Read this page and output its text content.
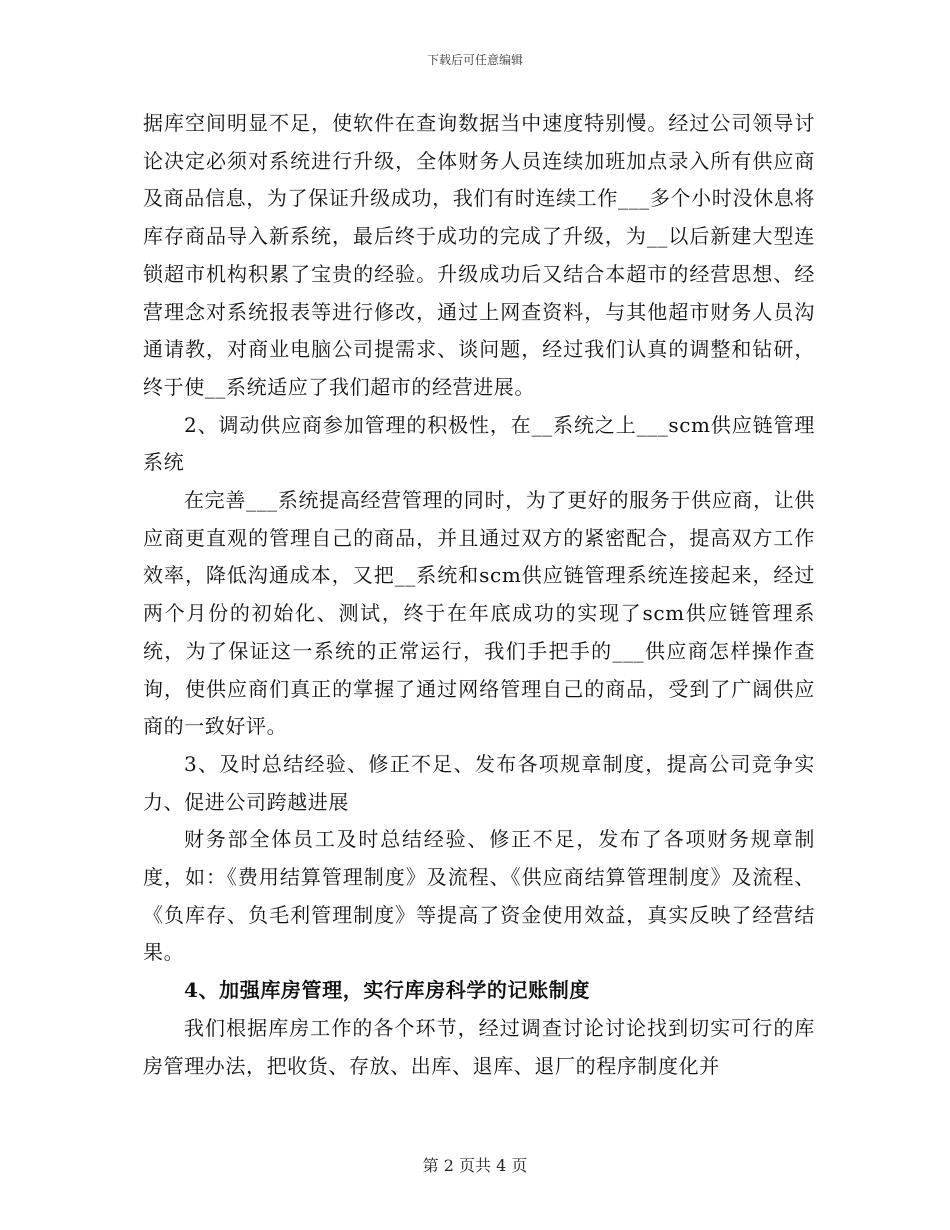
下载后可任意编辑

据库空间明显不足，使软件在查询数据当中速度特别慢。经过公司领导讨论决定必须对系统进行升级，全体财务人员连续加班加点录入所有供应商及商品信息，为了保证升级成功，我们有时连续工作___多个小时没休息将库存商品导入新系统，最后终于成功的完成了升级，为__以后新建大型连锁超市机构积累了宝贵的经验。升级成功后又结合本超市的经营思想、经营理念对系统报表等进行修改，通过上网查资料，与其他超市财务人员沟通请教，对商业电脑公司提需求、谈问题，经过我们认真的调整和钻研，终于使__系统适应了我们超市的经营进展。

2、调动供应商参加管理的积极性，在__系统之上___scm供应链管理系统

在完善___系统提高经营管理的同时，为了更好的服务于供应商，让供应商更直观的管理自己的商品，并且通过双方的紧密配合，提高双方工作效率，降低沟通成本，又把__系统和scm供应链管理系统连接起来，经过两个月份的初始化、测试，终于在年底成功的实现了scm供应链管理系统，为了保证这一系统的正常运行，我们手把手的___供应商怎样操作查询，使供应商们真正的掌握了通过网络管理自己的商品，受到了广阔供应商的一致好评。

3、及时总结经验、修正不足、发布各项规章制度，提高公司竞争实力、促进公司跨越进展

财务部全体员工及时总结经验、修正不足，发布了各项财务规章制度，如：《费用结算管理制度》及流程、《供应商结算管理制度》及流程、《负库存、负毛利管理制度》等提高了资金使用效益，真实反映了经营结果。

4、加强库房管理，实行库房科学的记账制度

我们根据库房工作的各个环节，经过调查讨论讨论找到切实可行的库房管理办法，把收货、存放、出库、退库、退厂的程序制度化并

第 2 页共 4 页
